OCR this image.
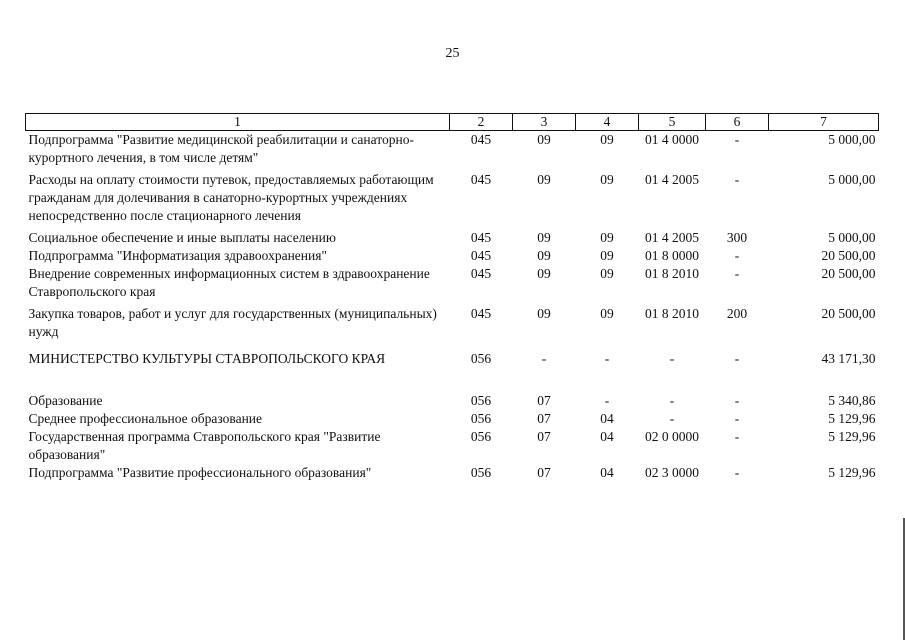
25
1	2	3	4	5	6	7
Подпрограмма "Развитие медицинской реабилитации и санаторно-курортного лечения, в том числе детям"	045	09	09	01 4 0000	-	5 000,00
Расходы на оплату стоимости путевок, предоставляемых работающим гражданам для долечивания в санаторно-курортных учреждениях непосредственно после стационарного лечения	045	09	09	01 4 2005	-	5 000,00
Социальное обеспечение и иные выплаты населению	045	09	09	01 4 2005	300	5 000,00
Подпрограмма "Информатизация здравоохранения"	045	09	09	01 8 0000	-	20 500,00
Внедрение современных информационных систем в здравоохранение Ставропольского края	045	09	09	01 8 2010	-	20 500,00
Закупка товаров, работ и услуг для государственных (муниципальных) нужд	045	09	09	01 8 2010	200	20 500,00
МИНИСТЕРСТВО КУЛЬТУРЫ СТАВРОПОЛЬСКОГО КРАЯ	056	-	-	-	-	43 171,30
Образование	056	07	-	-	-	5 340,86
Среднее профессиональное образование	056	07	04	-	-	5 129,96
Государственная программа Ставропольского края "Развитие образования"	056	07	04	02 0 0000	-	5 129,96
Подпрограмма "Развитие профессионального образования"	056	07	04	02 3 0000	-	5 129,96
